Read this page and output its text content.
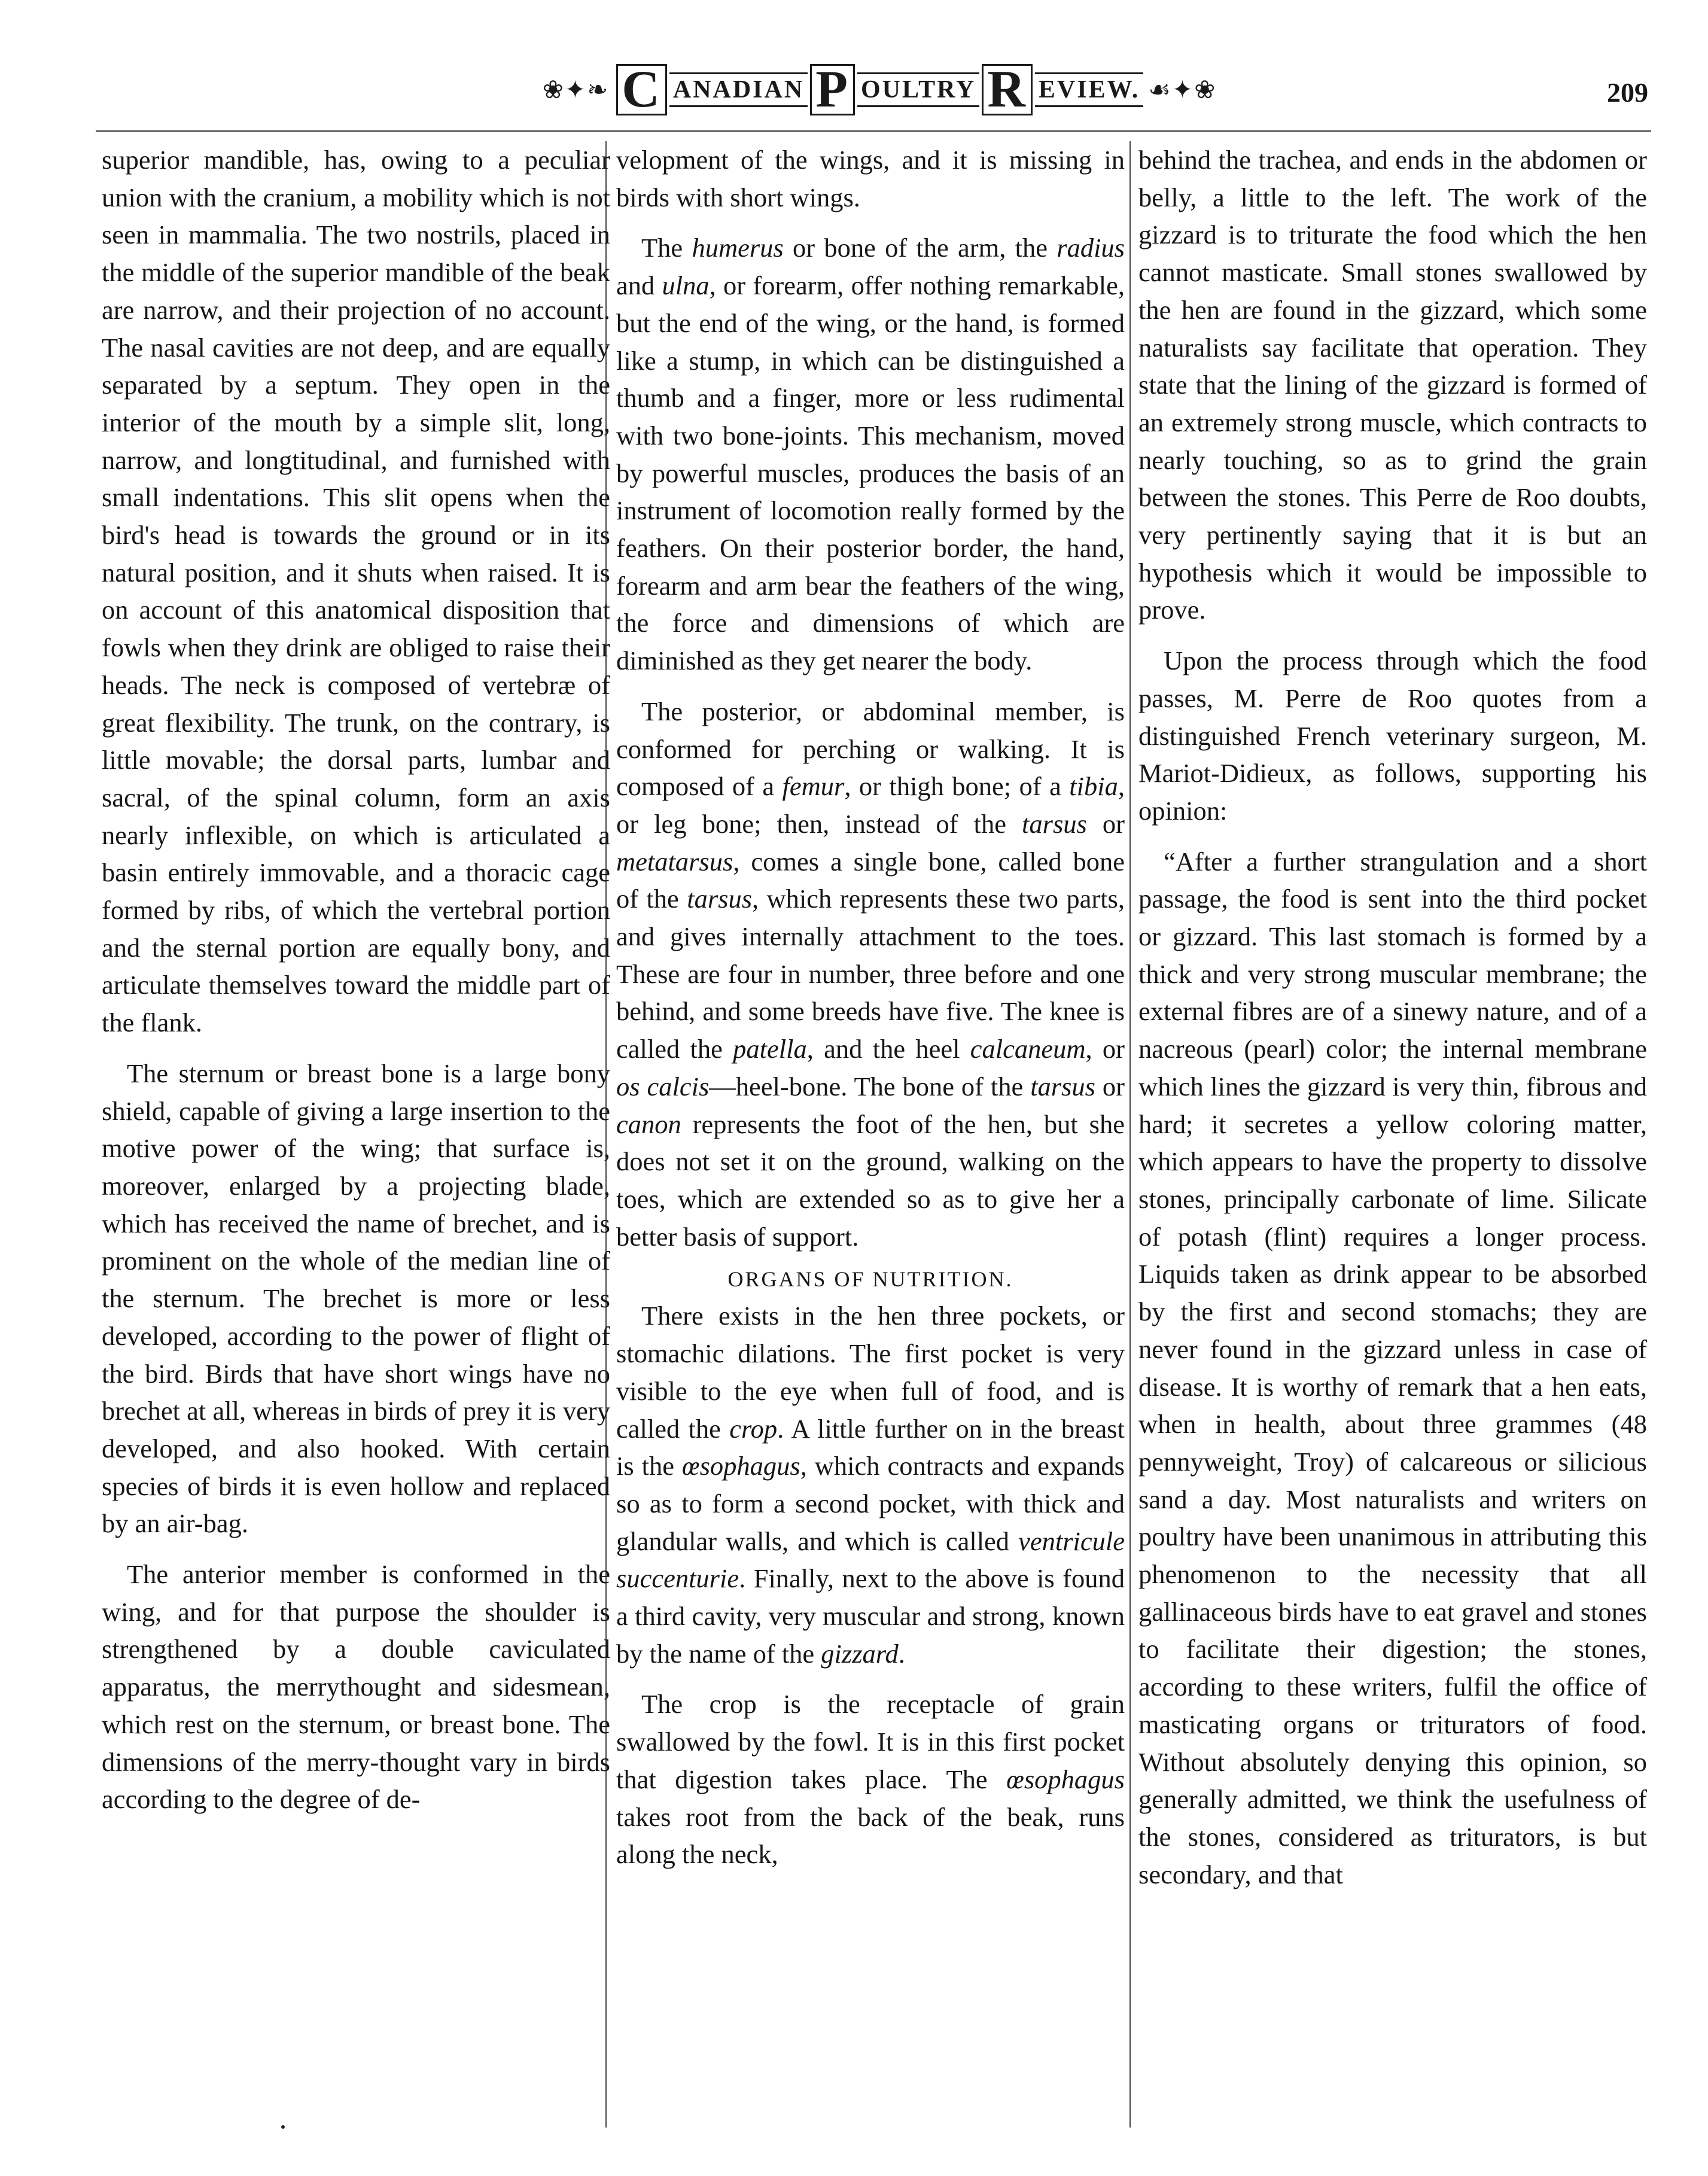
❀✦❧ C ANADIAN P OULTRY R EVIEW. ☙✦❀	209

superior mandible, has, owing to a peculiar union with the cranium, a mobility which is not seen in mammalia. The two nostrils, placed in the middle of the superior mandible of the beak are narrow, and their projection of no account. The nasal cavities are not deep, and are equally separated by a septum. They open in the interior of the mouth by a simple slit, long, narrow, and longtitudinal, and furnished with small indentations. This slit opens when the bird's head is towards the ground or in its natural position, and it shuts when raised. It is on account of this anatomical disposition that fowls when they drink are obliged to raise their heads. The neck is composed of vertebræ of great flexibility. The trunk, on the contrary, is little movable; the dorsal parts, lumbar and sacral, of the spinal column, form an axis nearly inflexible, on which is articulated a basin entirely immovable, and a thoracic cage formed by ribs, of which the vertebral portion and the sternal portion are equally bony, and articulate themselves toward the middle part of the flank.

The sternum or breast bone is a large bony shield, capable of giving a large insertion to the motive power of the wing; that surface is, moreover, enlarged by a projecting blade, which has received the name of brechet, and is prominent on the whole of the median line of the sternum. The brechet is more or less developed, according to the power of flight of the bird. Birds that have short wings have no brechet at all, whereas in birds of prey it is very developed, and also hooked. With certain species of birds it is even hollow and replaced by an air-bag.

The anterior member is conformed in the wing, and for that purpose the shoulder is strengthened by a double caviculated apparatus, the merrythought and sidesmean, which rest on the sternum, or breast bone. The dimensions of the merry-thought vary in birds according to the degree of de-

velopment of the wings, and it is missing in birds with short wings.

The humerus or bone of the arm, the radius and ulna, or forearm, offer nothing remarkable, but the end of the wing, or the hand, is formed like a stump, in which can be distinguished a thumb and a finger, more or less rudimental with two bone-joints. This mechanism, moved by powerful muscles, produces the basis of an instrument of locomotion really formed by the feathers. On their posterior border, the hand, forearm and arm bear the feathers of the wing, the force and dimensions of which are diminished as they get nearer the body.

The posterior, or abdominal member, is conformed for perching or walking. It is composed of a femur, or thigh bone; of a tibia, or leg bone; then, instead of the tarsus or metatarsus, comes a single bone, called bone of the tarsus, which represents these two parts, and gives internally attachment to the toes. These are four in number, three before and one behind, and some breeds have five. The knee is called the patella, and the heel calcaneum, or os calcis—heel-bone. The bone of the tarsus or canon represents the foot of the hen, but she does not set it on the ground, walking on the toes, which are extended so as to give her a better basis of support.

ORGANS OF NUTRITION.

There exists in the hen three pockets, or stomachic dilations. The first pocket is very visible to the eye when full of food, and is called the crop. A little further on in the breast is the œsophagus, which contracts and expands so as to form a second pocket, with thick and glandular walls, and which is called ventricule succenturie. Finally, next to the above is found a third cavity, very muscular and strong, known by the name of the gizzard.

The crop is the receptacle of grain swallowed by the fowl. It is in this first pocket that digestion takes place. The œsophagus takes root from the back of the beak, runs along the neck,

behind the trachea, and ends in the abdomen or belly, a little to the left. The work of the gizzard is to triturate the food which the hen cannot masticate. Small stones swallowed by the hen are found in the gizzard, which some naturalists say facilitate that operation. They state that the lining of the gizzard is formed of an extremely strong muscle, which contracts to nearly touching, so as to grind the grain between the stones. This Perre de Roo doubts, very pertinently saying that it is but an hypothesis which it would be impossible to prove.

Upon the process through which the food passes, M. Perre de Roo quotes from a distinguished French veterinary surgeon, M. Mariot-Didieux, as follows, supporting his opinion:

“After a further strangulation and a short passage, the food is sent into the third pocket or gizzard. This last stomach is formed by a thick and very strong muscular membrane; the external fibres are of a sinewy nature, and of a nacreous (pearl) color; the internal membrane which lines the gizzard is very thin, fibrous and hard; it secretes a yellow coloring matter, which appears to have the property to dissolve stones, principally carbonate of lime. Silicate of potash (flint) requires a longer process. Liquids taken as drink appear to be absorbed by the first and second stomachs; they are never found in the gizzard unless in case of disease. It is worthy of remark that a hen eats, when in health, about three grammes (48 pennyweight, Troy) of calcareous or silicious sand a day. Most naturalists and writers on poultry have been unanimous in attributing this phenomenon to the necessity that all gallinaceous birds have to eat gravel and stones to facilitate their digestion; the stones, according to these writers, fulfil the office of masticating organs or triturators of food. Without absolutely denying this opinion, so generally admitted, we think the usefulness of the stones, considered as triturators, is but secondary, and that
